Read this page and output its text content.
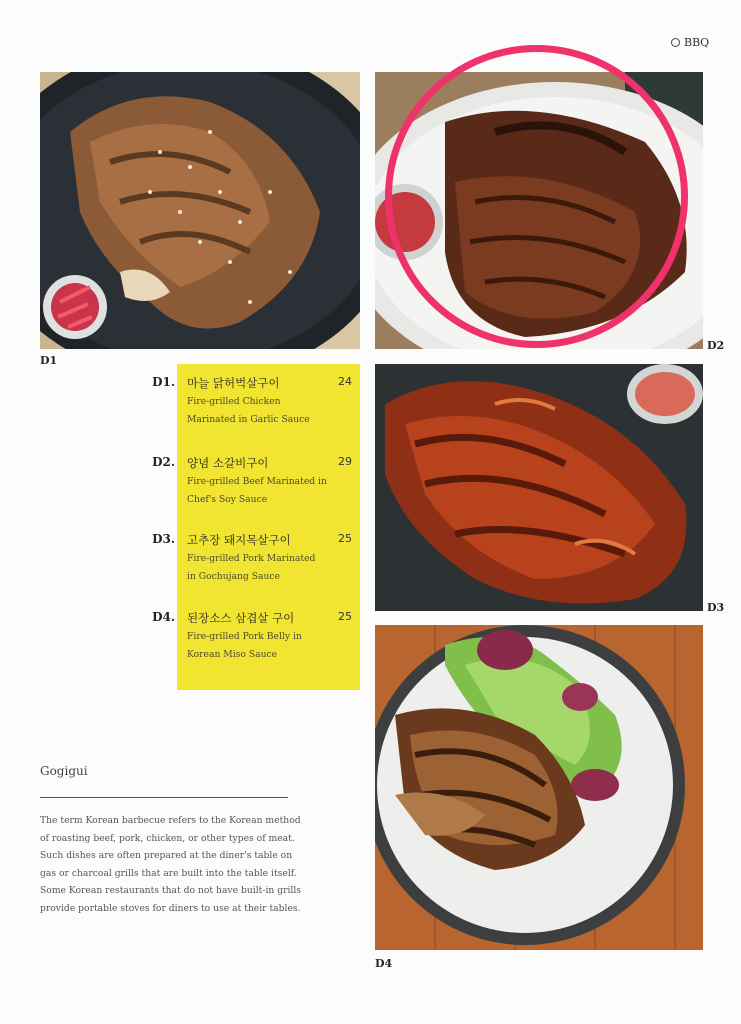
BBQ
D1
D2
D3
D4
D1. 마늘 닭허벅살구이	24
Fire-grilled Chicken
Marinated in Garlic Sauce
D2. 양념 소갈비구이	29
Fire-grilled Beef Marinated in
Chef's Soy Sauce
D3. 고추장 돼지목살구이	25
Fire-grilled Pork Marinated
in Gochujang Sauce
D4. 된장소스 삼겹살 구이	25
Fire-grilled Pork Belly in
Korean Miso Sauce
Gogigui

The term Korean barbecue refers to the Korean method of roasting beef, pork, chicken, or other types of meat. Such dishes are often prepared at the diner's table on gas or charcoal grills that are built into the table itself. Some Korean restaurants that do not have built-in grills provide portable stoves for diners to use at their tables.
